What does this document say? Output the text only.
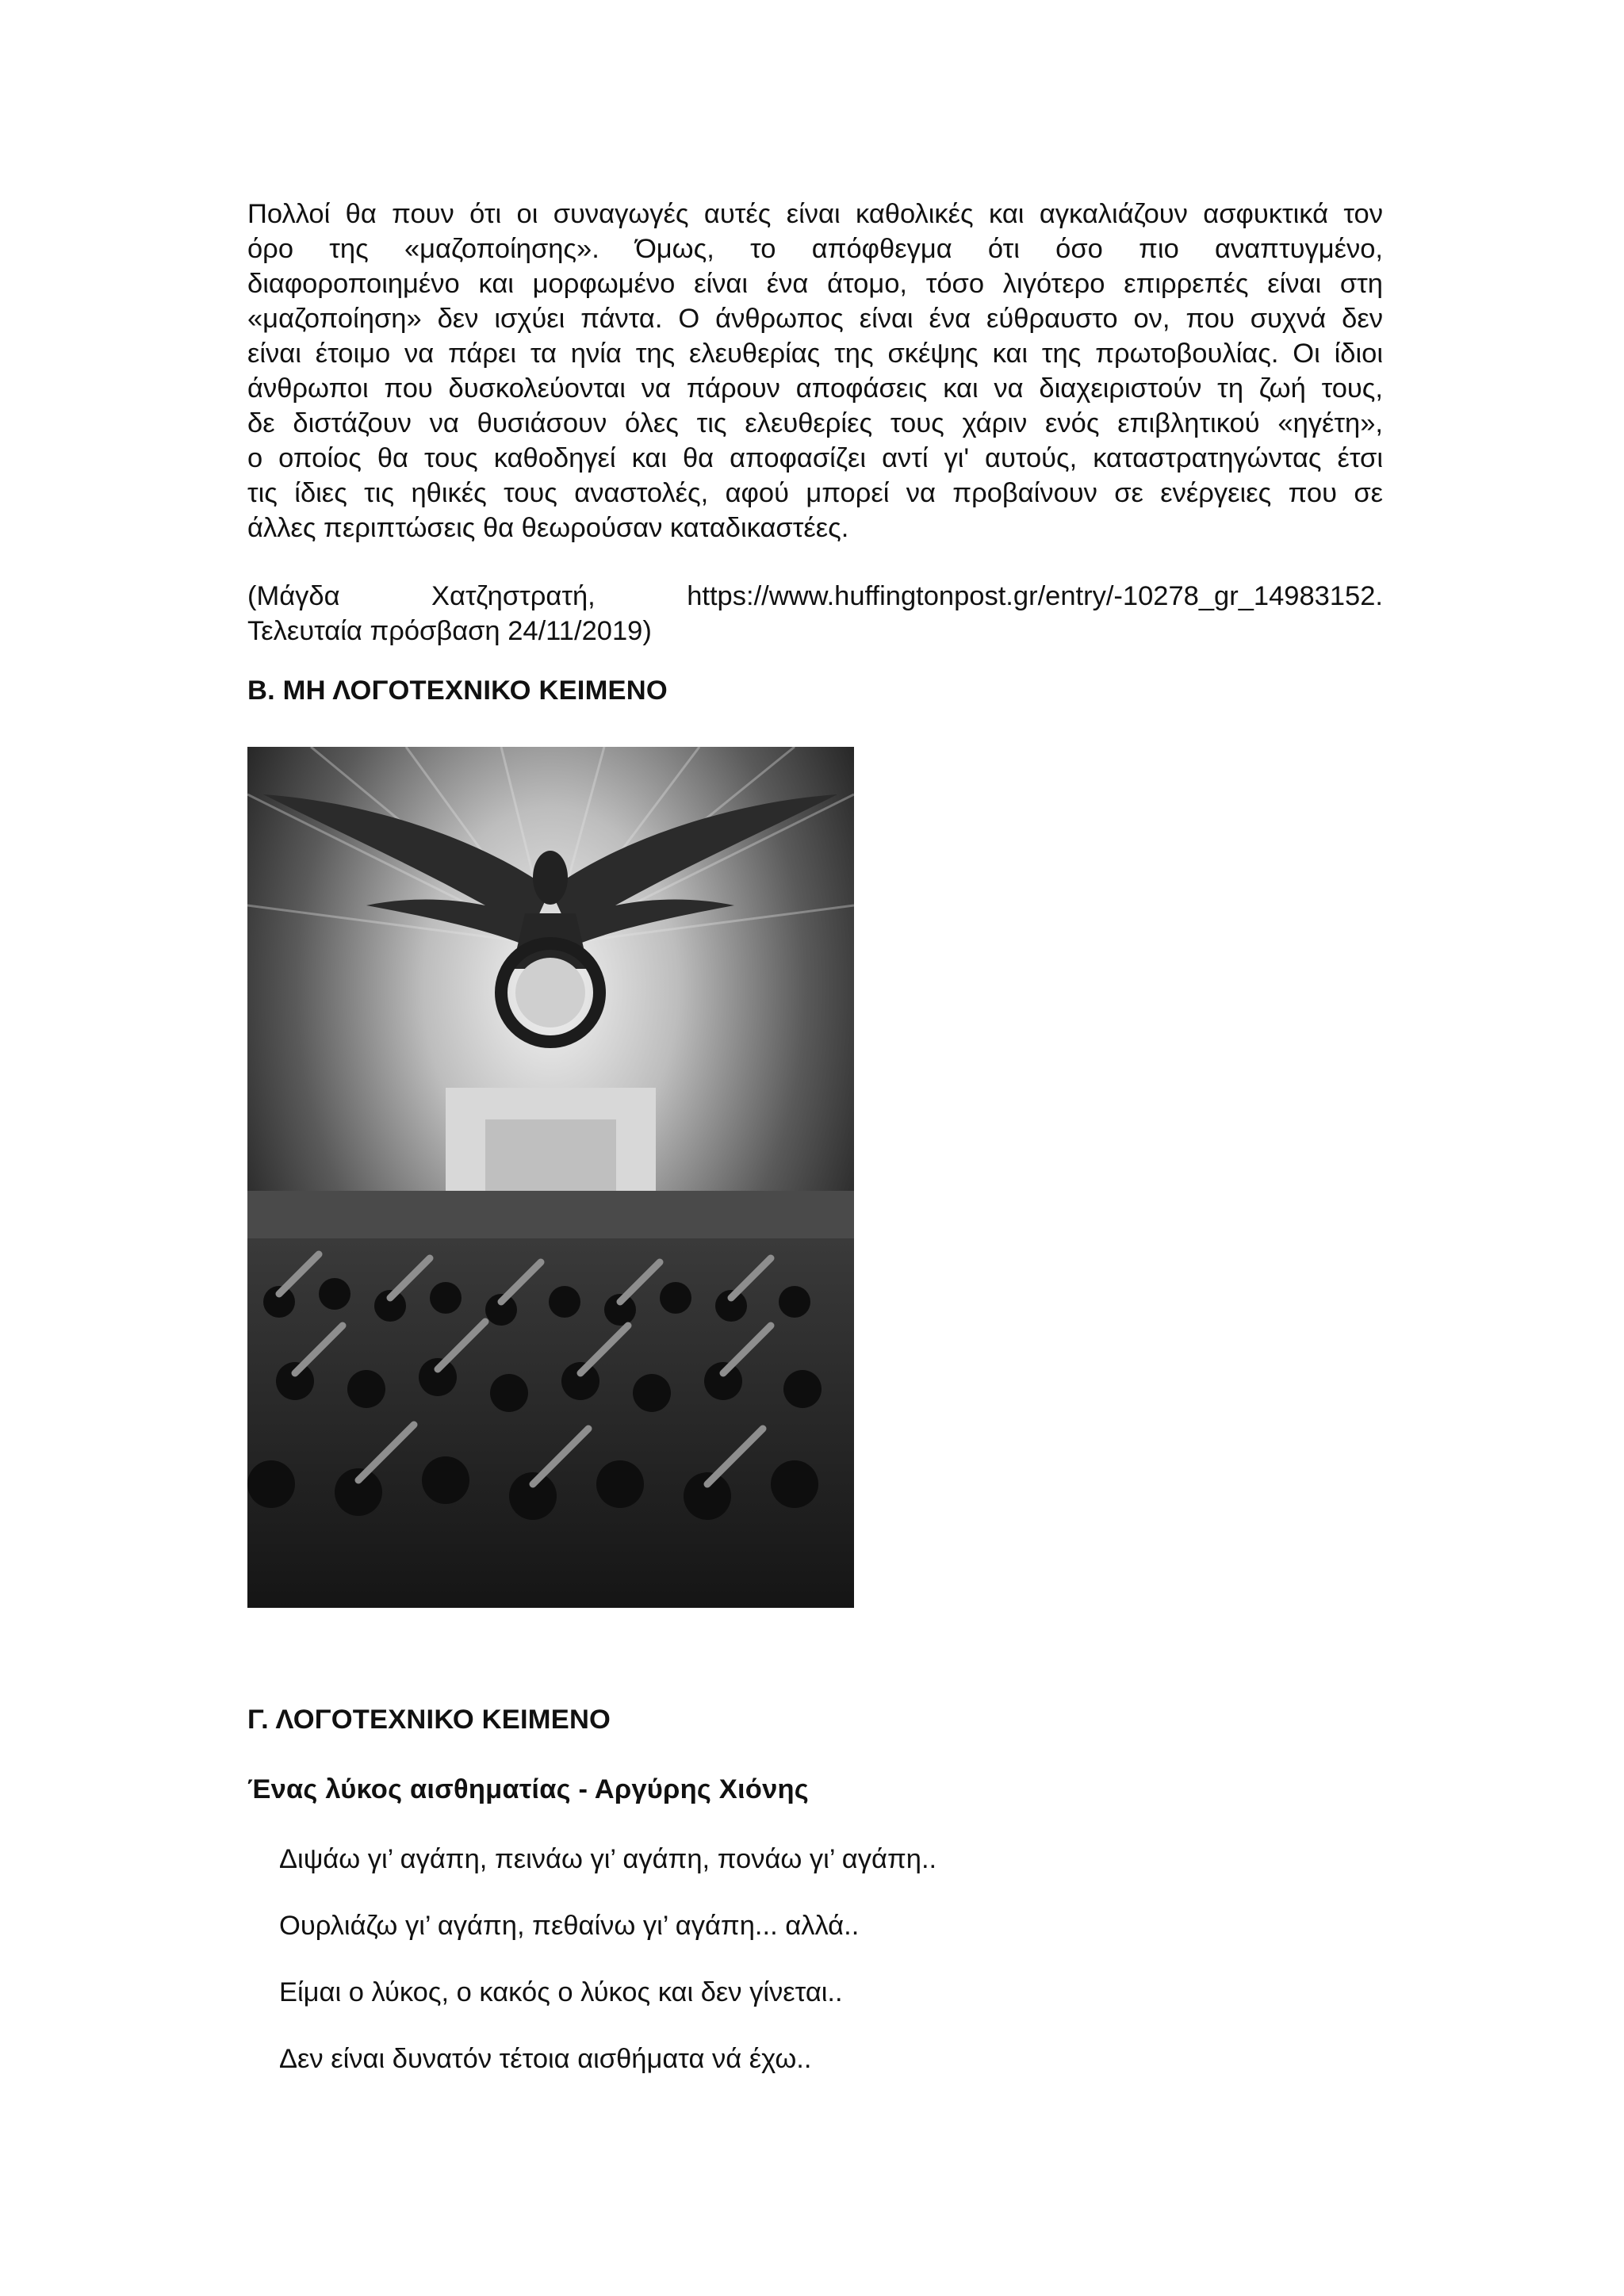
Πολλοί θα πουν ότι οι συναγωγές αυτές είναι καθολικές και αγκαλιάζουν ασφυκτικά τον
όρο της «μαζοποίησης». Όμως, το απόφθεγμα ότι όσο πιο αναπτυγμένο,
διαφοροποιημένο και μορφωμένο είναι ένα άτομο, τόσο λιγότερο επιρρεπές είναι στη
«μαζοποίηση» δεν ισχύει πάντα. Ο άνθρωπος είναι ένα εύθραυστο ον, που συχνά δεν
είναι έτοιμο να πάρει τα ηνία της ελευθερίας της σκέψης και της πρωτοβουλίας. Οι ίδιοι
άνθρωποι που δυσκολεύονται να πάρουν αποφάσεις και να διαχειριστούν τη ζωή τους,
δε διστάζουν να θυσιάσουν όλες τις ελευθερίες τους χάριν ενός επιβλητικού «ηγέτη»,
ο οποίος θα τους καθοδηγεί και θα αποφασίζει αντί γι' αυτούς, καταστρατηγώντας έτσι
τις ίδιες τις ηθικές τους αναστολές, αφού μπορεί να προβαίνουν σε ενέργειες που σε
άλλες περιπτώσεις θα θεωρούσαν καταδικαστέες.
(Μάγδα Χατζηστρατή, https://www.huffingtonpost.gr/entry/-10278_gr_14983152.
Τελευταία πρόσβαση 24/11/2019)
Β. ΜΗ ΛΟΓΟΤΕΧΝΙΚΟ ΚΕΙΜΕΝΟ
Γ. ΛΟΓΟΤΕΧΝΙΚΟ ΚΕΙΜΕΝΟ
Ένας λύκος αισθηματίας - Αργύρης Χιόνης

Διψάω γι’ αγάπη, πεινάω γι’ αγάπη, πονάω γι’ αγάπη..

Ουρλιάζω γι’ αγάπη, πεθαίνω γι’ αγάπη... αλλά..

Είμαι ο λύκος, ο κακός ο λύκος και δεν γίνεται..

Δεν είναι δυνατόν τέτοια αισθήματα νά έχω..
